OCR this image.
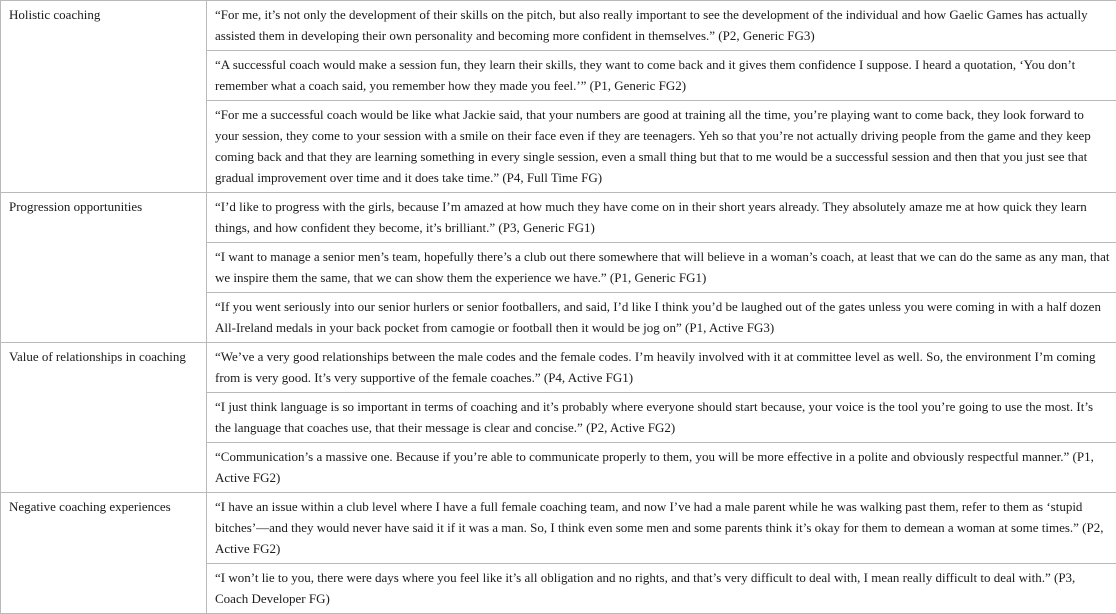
Holistic coaching	“For me, it’s not only the development of their skills on the pitch, but also really important to see the development of the individual and how Gaelic Games has actually assisted them in developing their own personality and becoming more confident in themselves.” (P2, Generic FG3)
	“A successful coach would make a session fun, they learn their skills, they want to come back and it gives them confidence I suppose. I heard a quotation, ‘You don’t remember what a coach said, you remember how they made you feel.’” (P1, Generic FG2)
	“For me a successful coach would be like what Jackie said, that your numbers are good at training all the time, you’re playing want to come back, they look forward to your session, they come to your session with a smile on their face even if they are teenagers. Yeh so that you’re not actually driving people from the game and they keep coming back and that they are learning something in every single session, even a small thing but that to me would be a successful session and then that you just see that gradual improvement over time and it does take time.” (P4, Full Time FG)
Progression opportunities	“I’d like to progress with the girls, because I’m amazed at how much they have come on in their short years already. They absolutely amaze me at how quick they learn things, and how confident they become, it’s brilliant.” (P3, Generic FG1)
	“I want to manage a senior men’s team, hopefully there’s a club out there somewhere that will believe in a woman’s coach, at least that we can do the same as any man, that we inspire them the same, that we can show them the experience we have.” (P1, Generic FG1)
	“If you went seriously into our senior hurlers or senior footballers, and said, I’d like I think you’d be laughed out of the gates unless you were coming in with a half dozen All-Ireland medals in your back pocket from camogie or football then it would be jog on” (P1, Active FG3)
Value of relationships in coaching	“We’ve a very good relationships between the male codes and the female codes. I’m heavily involved with it at committee level as well. So, the environment I’m coming from is very good. It’s very supportive of the female coaches.” (P4, Active FG1)
	“I just think language is so important in terms of coaching and it’s probably where everyone should start because, your voice is the tool you’re going to use the most. It’s the language that coaches use, that their message is clear and concise.” (P2, Active FG2)
	“Communication’s a massive one. Because if you’re able to communicate properly to them, you will be more effective in a polite and obviously respectful manner.” (P1, Active FG2)
Negative coaching experiences	“I have an issue within a club level where I have a full female coaching team, and now I’ve had a male parent while he was walking past them, refer to them as ‘stupid bitches’—and they would never have said it if it was a man. So, I think even some men and some parents think it’s okay for them to demean a woman at some times.” (P2, Active FG2)
	“I won’t lie to you, there were days where you feel like it’s all obligation and no rights, and that’s very difficult to deal with, I mean really difficult to deal with.” (P3, Coach Developer FG)
